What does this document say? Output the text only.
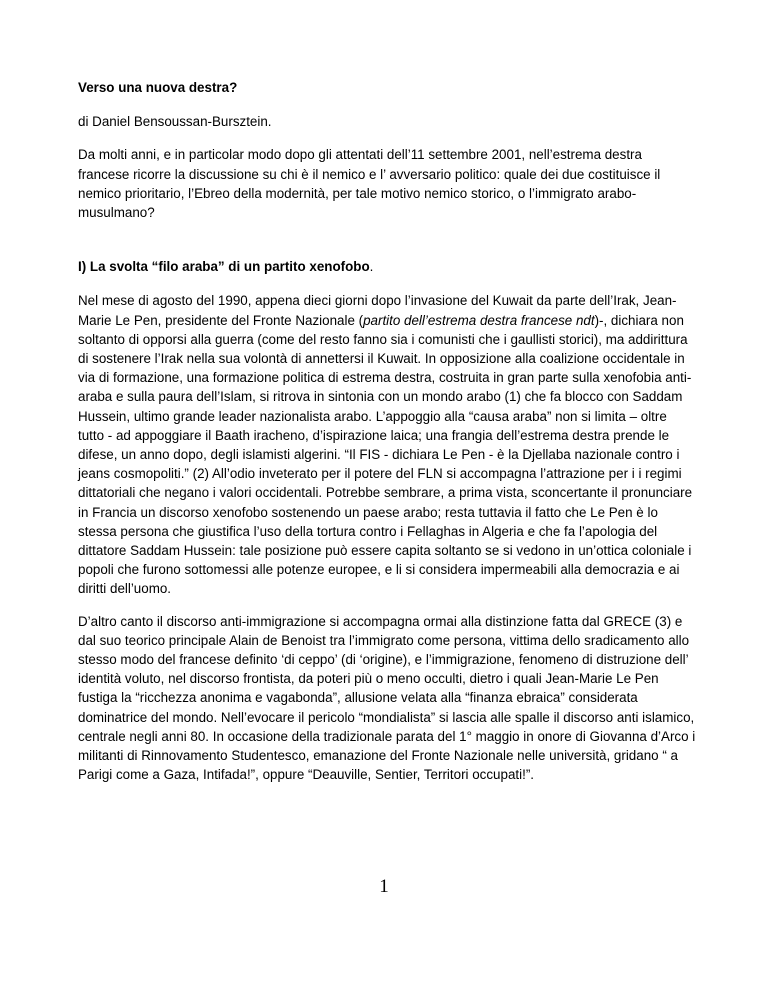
Verso una nuova destra?

di Daniel Bensoussan-Bursztein.

Da molti anni, e in particolar modo dopo gli attentati dell’11 settembre 2001, nell’estrema destra francese ricorre la discussione su chi è il nemico e l’ avversario politico: quale dei due costituisce il nemico prioritario, l’Ebreo della modernità, per tale motivo nemico storico, o l’immigrato arabo-musulmano?

I) La svolta “filo araba” di un partito xenofobo.

Nel mese di agosto del 1990, appena dieci giorni dopo l’invasione del Kuwait da parte dell’Irak, Jean-Marie Le Pen, presidente del Fronte Nazionale (partito dell’estrema destra francese ndt)-, dichiara non soltanto di opporsi alla guerra (come del resto fanno sia i comunisti che i gaullisti storici), ma addirittura di sostenere l’Irak nella sua volontà di annettersi il Kuwait. In opposizione alla coalizione occidentale in via di formazione, una formazione politica di estrema destra, costruita in gran parte sulla xenofobia anti-araba e sulla paura dell’Islam, si ritrova in sintonia con un mondo arabo (1) che fa blocco con Saddam Hussein, ultimo grande leader nazionalista arabo. L’appoggio alla “causa araba” non si limita – oltre tutto - ad appoggiare il Baath iracheno, d’ispirazione laica; una frangia dell’estrema destra prende le difese, un anno dopo, degli islamisti algerini. “Il FIS - dichiara Le Pen - è la Djellaba nazionale contro i jeans cosmopoliti.” (2) All’odio inveterato per il potere del FLN si accompagna l’attrazione per i i regimi dittatoriali che negano i valori occidentali. Potrebbe sembrare, a prima vista, sconcertante il pronunciare in Francia un discorso xenofobo sostenendo un paese arabo; resta tuttavia il fatto che Le Pen è lo stessa persona che giustifica l’uso della tortura contro i Fellaghas in Algeria e che fa l’apologia del dittatore Saddam Hussein: tale posizione può essere capita soltanto se si vedono in un’ottica coloniale i popoli che furono sottomessi alle potenze europee, e li si considera impermeabili alla democrazia e ai diritti dell’uomo.

D’altro canto il discorso anti-immigrazione si accompagna ormai alla distinzione fatta dal GRECE (3) e dal suo teorico principale Alain de Benoist tra l’immigrato come persona, vittima dello sradicamento allo stesso modo del francese definito ‘di ceppo’ (di ‘origine), e l’immigrazione, fenomeno di distruzione dell’ identità voluto, nel discorso frontista, da poteri più o meno occulti, dietro i quali Jean-Marie Le Pen fustiga la “ricchezza anonima e vagabonda”, allusione velata alla “finanza ebraica” considerata dominatrice del mondo. Nell’evocare il pericolo “mondialista” si lascia alle spalle il discorso anti islamico, centrale negli anni 80. In occasione della tradizionale parata del 1° maggio in onore di Giovanna d’Arco i militanti di Rinnovamento Studentesco, emanazione del Fronte Nazionale nelle università, gridano “ a Parigi come a Gaza, Intifada!”, oppure “Deauville, Sentier, Territori occupati!”.

1
